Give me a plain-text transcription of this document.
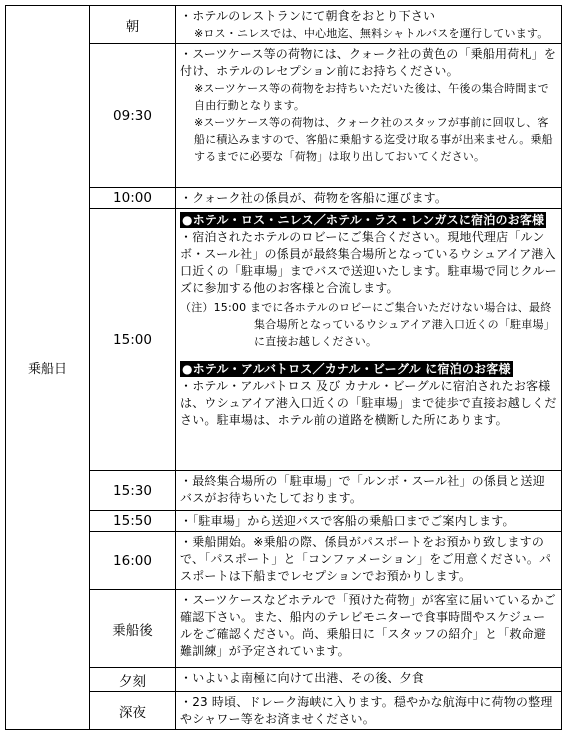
乗船日	朝	・ホテルのレストランにて朝食をおとり下さい

※ロス・ニレスでは、中心地迄、無料シャトルバスを運行しています。

	09:30	・スーツケース等の荷物には、クォーク社の黄色の「乗船用荷札」を付け、ホテルのレセプション前にお持ちください。

※スーツケース等の荷物をお持ちいただいた後は、午後の集合時間まで自由行動となります。

※スーツケース等の荷物は、クォーク社のスタッフが事前に回収し、客船に積込みますので、客船に乗船する迄受け取る事が出来ません。乗船するまでに必要な「荷物」は取り出しておいてください。

	10:00	・クォーク社の係員が、荷物を客船に運びます。

	15:00	●ホテル・ロス・ニレス／ホテル・ラス・レンガスに宿泊のお客様

・宿泊されたホテルのロビーにご集合ください。現地代理店「ルンボ・スール社」の係員が最終集合場所となっているウシュアイア港入口近くの「駐車場」までバスで送迎いたします。駐車場で同じクルーズに参加する他のお客様と合流します。

（注）15:00 までに各ホテルのロビーにご集合いただけない場合は、最終集合場所となっているウシュアイア港入口近くの「駐車場」に直接お越しください。

●ホテル・アルバトロス／カナル・ビーグル に宿泊のお客様

・ホテル・アルバトロス 及び カナル・ビーグルに宿泊されたお客様は、ウシュアイア港入口近くの「駐車場」まで徒歩で直接お越しください。駐車場は、ホテル前の道路を横断した所にあります。

	15:30	・最終集合場所の「駐車場」で「ルンボ・スール社」の係員と送迎バスがお待ちいたしております。

	15:50	・「駐車場」から送迎バスで客船の乗船口までご案内します。

	16:00	・乗船開始。※乗船の際、係員がパスポートをお預かり致しますので、「パスポート」と「コンファメーション」をご用意ください。パスポートは下船までレセプションでお預かりします。

	乗船後	・スーツケースなどホテルで「預けた荷物」が客室に届いているかご確認下さい。また、船内のテレビモニターで食事時間やスケジュールをご確認ください。尚、乗船日に「スタッフの紹介」と「救命避難訓練」が予定されています。

	夕刻	・いよいよ南極に向けて出港、その後、夕食

	深夜	・23 時頃、ドレーク海峡に入ります。穏やかな航海中に荷物の整理やシャワー等をお済ませください。
